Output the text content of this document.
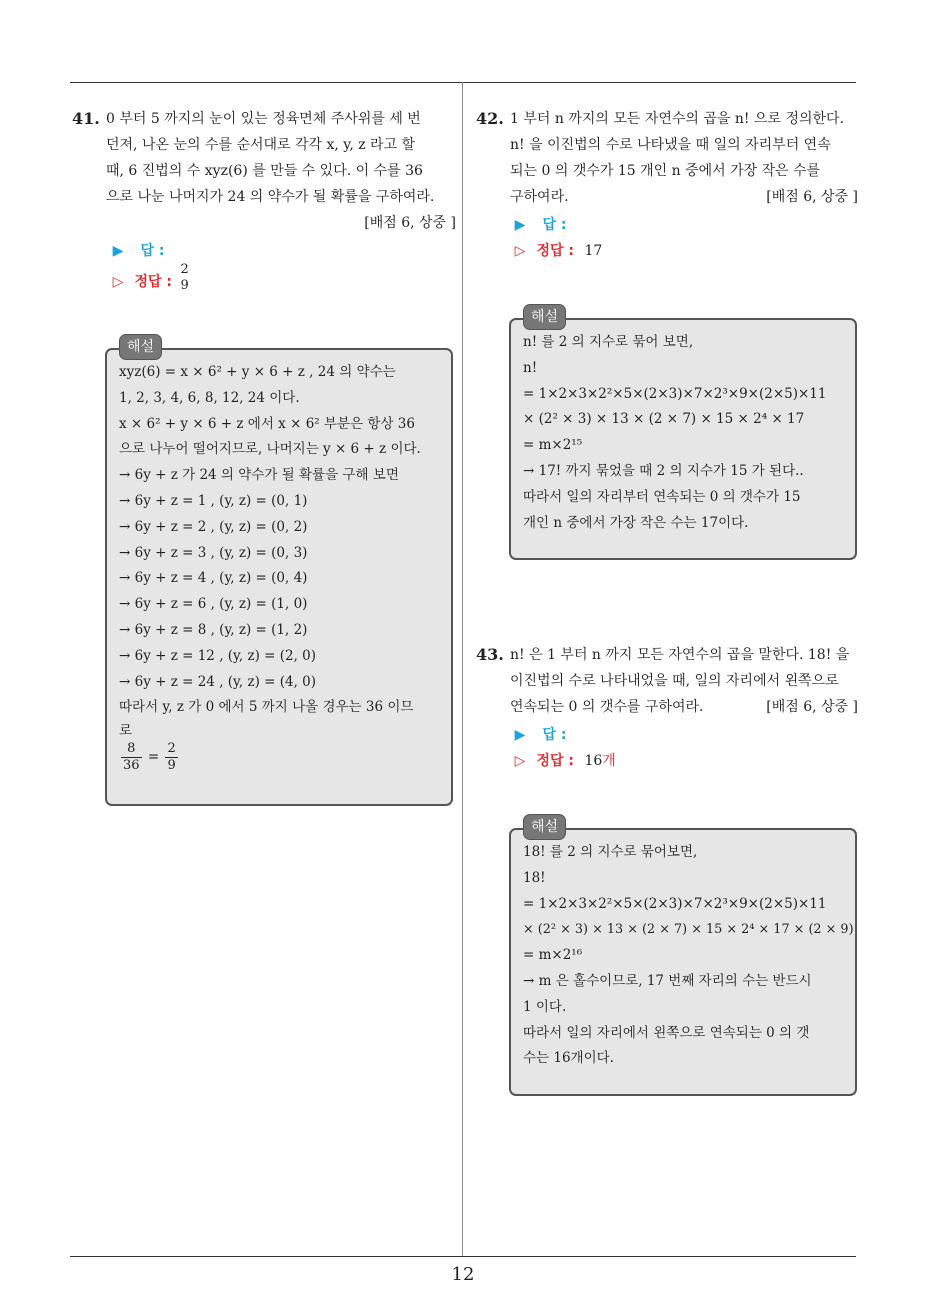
41. 0 부터 5 까지의 눈이 있는 정육면체 주사위를 세 번
던져, 나온 눈의 수를 순서대로 각각 x, y, z 라고 할
때, 6 진법의 수 xyz(6) 를 만들 수 있다. 이 수를 36
으로 나눈 나머지가 24 의 약수가 될 확률을 구하여라.
[배점 6, 상중 ]
▶ 답 :
▷ 정답 :
2
9
해설
xyz(6) = x × 6² + y × 6 + z , 24 의 약수는
1, 2, 3, 4, 6, 8, 12, 24 이다.
x × 6² + y × 6 + z 에서 x × 6² 부분은 항상 36
으로 나누어 떨어지므로, 나머지는 y × 6 + z 이다.
→ 6y + z 가 24 의 약수가 될 확률을 구해 보면
→ 6y + z = 1 , (y, z) = (0, 1)
→ 6y + z = 2 , (y, z) = (0, 2)
→ 6y + z = 3 , (y, z) = (0, 3)
→ 6y + z = 4 , (y, z) = (0, 4)
→ 6y + z = 6 , (y, z) = (1, 0)
→ 6y + z = 8 , (y, z) = (1, 2)
→ 6y + z = 12 , (y, z) = (2, 0)
→ 6y + z = 24 , (y, z) = (4, 0)
따라서 y, z 가 0 에서 5 까지 나올 경우는 36 이므
로
$\frac{8}{36} = \frac{2}{9}$
42. 1 부터 n 까지의 모든 자연수의 곱을 n! 으로 정의한다.
n! 을 이진법의 수로 나타냈을 때 일의 자리부터 연속
되는 0 의 갯수가 15 개인 n 중에서 가장 작은 수를
구하여라.	[배점 6, 상중 ]
▶ 답 :
▷ 정답 : 17
해설
n! 를 2 의 지수로 묶어 보면,
n!
= 1×2×3×2²×5×(2×3)×7×2³×9×(2×5)×11
× (2² × 3) × 13 × (2 × 7) × 15 × 2⁴ × 17
= m×2¹⁵
→ 17! 까지 묶었을 때 2 의 지수가 15 가 된다..
따라서 일의 자리부터 연속되는 0 의 갯수가 15
개인 n 중에서 가장 작은 수는 17이다.
43. n! 은 1 부터 n 까지 모든 자연수의 곱을 말한다. 18! 을
이진법의 수로 나타내었을 때, 일의 자리에서 왼쪽으로
연속되는 0 의 갯수를 구하여라.	[배점 6, 상중 ]
▶ 답 :
▷ 정답 : 16개
해설
18! 를 2 의 지수로 묶어보면,
18!
= 1×2×3×2²×5×(2×3)×7×2³×9×(2×5)×11
× (2² × 3) × 13 × (2 × 7) × 15 × 2⁴ × 17 × (2 × 9)
= m×2¹⁶
→ m 은 홀수이므로, 17 번째 자리의 수는 반드시
1 이다.
따라서 일의 자리에서 왼쪽으로 연속되는 0 의 갯
수는 16개이다.
12
